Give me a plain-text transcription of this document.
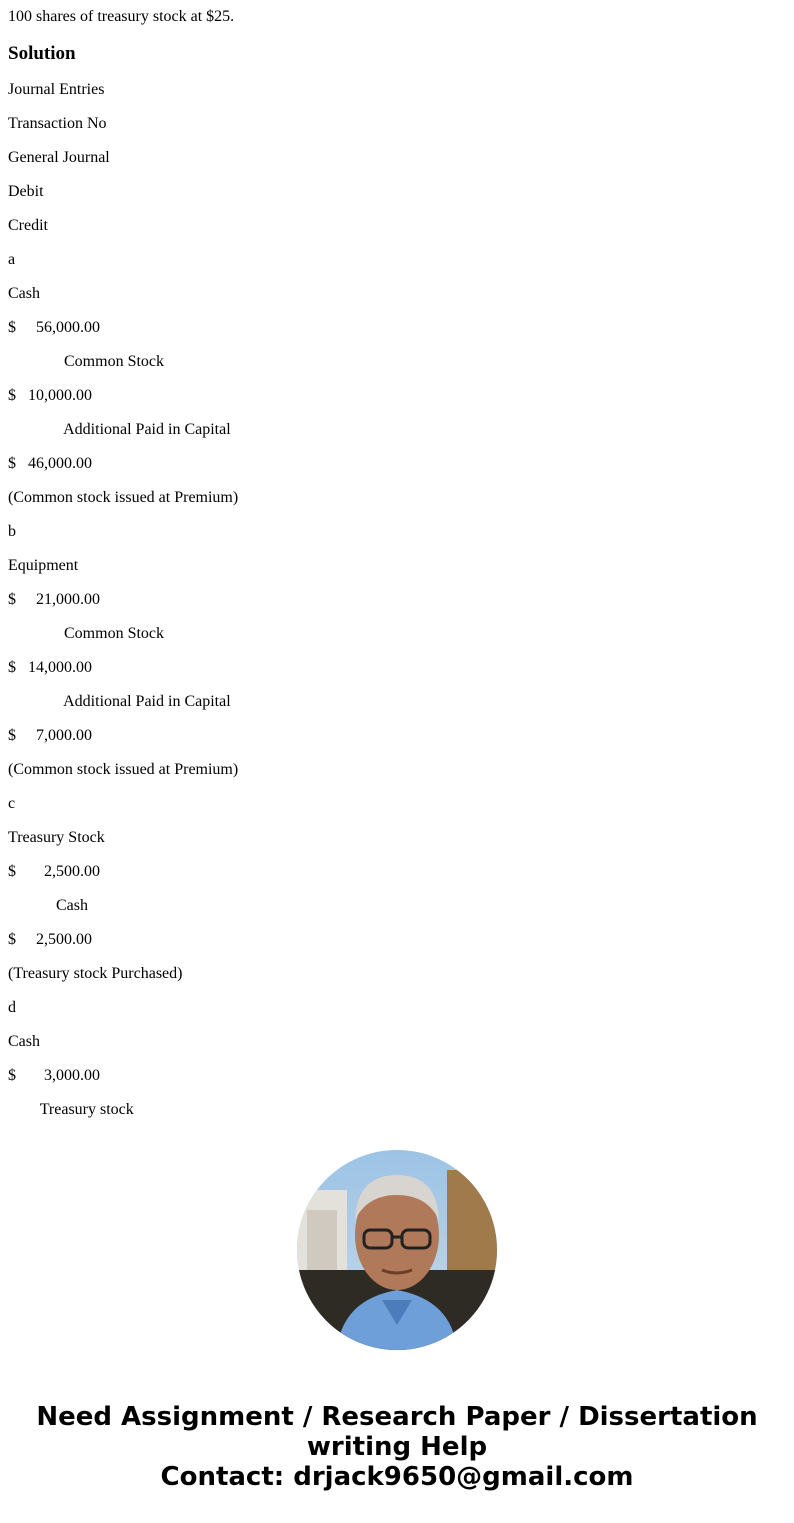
100 shares of treasury stock at $25.

Solution
Journal Entries
Transaction No
General Journal
Debit
Credit
a
Cash
$     56,000.00
Common Stock
$   10,000.00
Additional Paid in Capital
$   46,000.00
(Common stock issued at Premium)
b
Equipment
$     21,000.00
Common Stock
$   14,000.00
Additional Paid in Capital
$     7,000.00
(Common stock issued at Premium)
c
Treasury Stock
$       2,500.00
Cash
$     2,500.00
(Treasury stock Purchased)
d
Cash
$       3,000.00
Treasury stock
Need Assignment / Research Paper / Dissertation
writing Help
Contact: drjack9650@gmail.com
